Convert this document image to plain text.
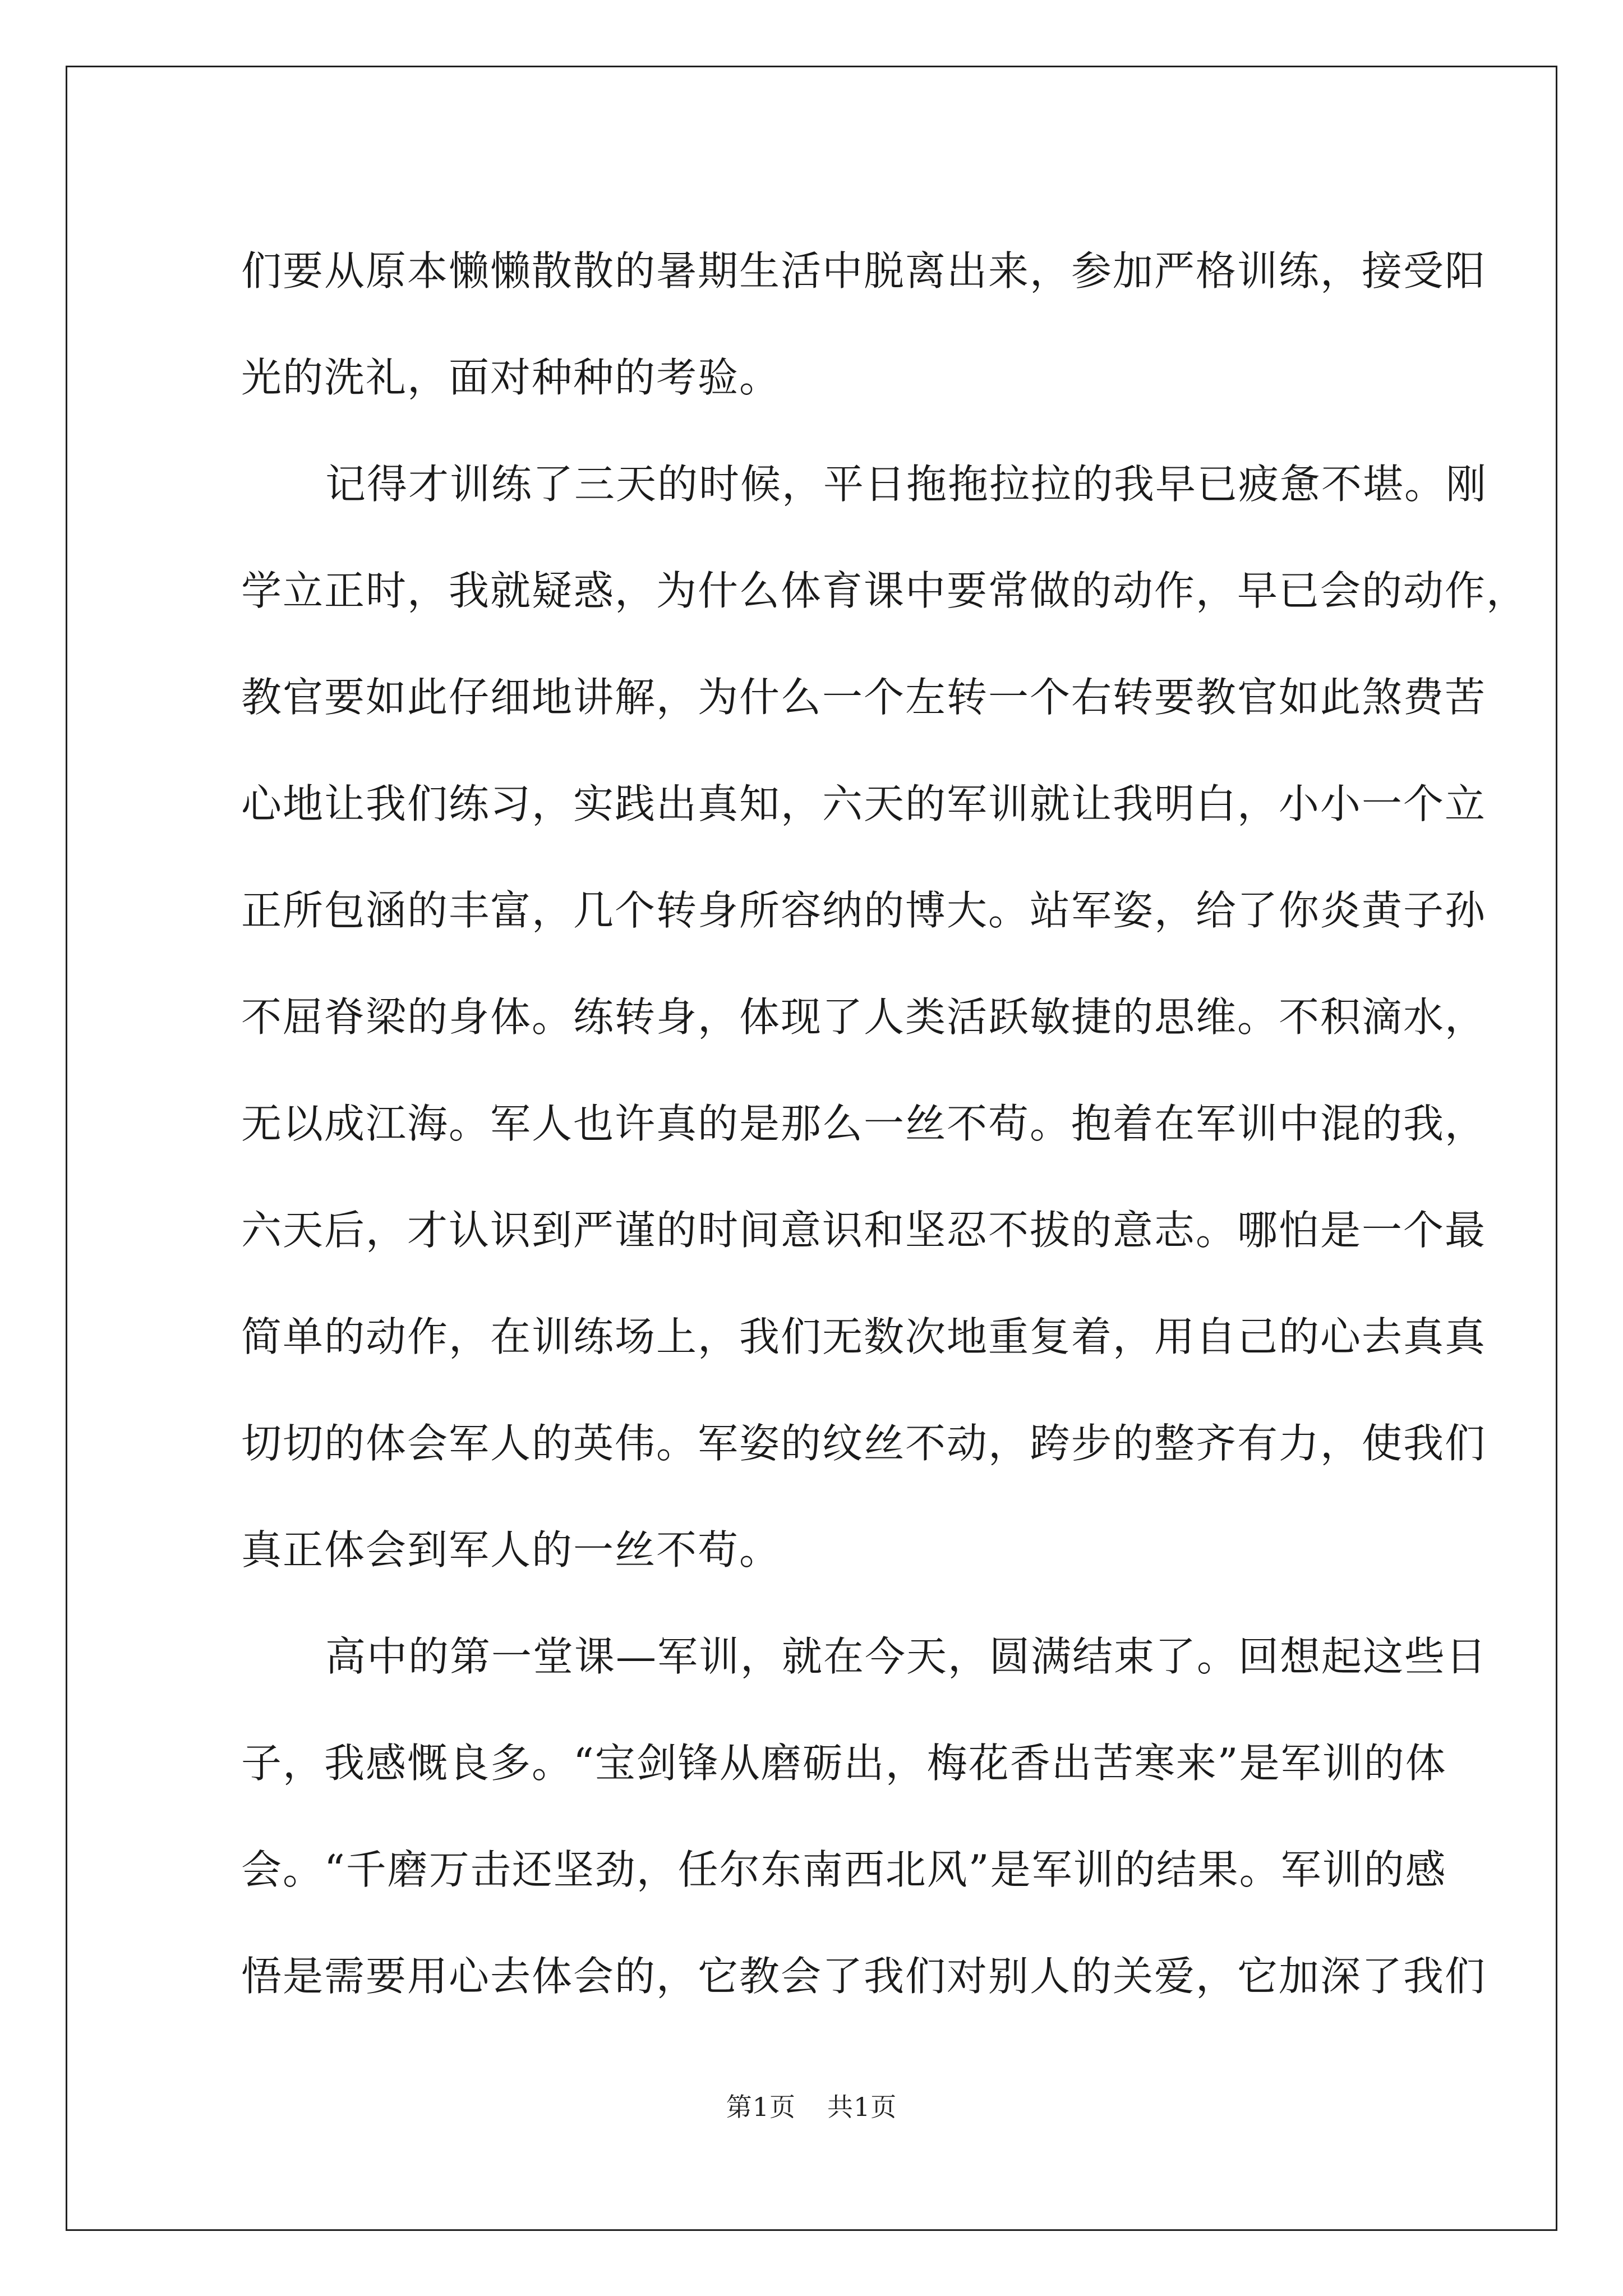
们要从原本懒懒散散的暑期生活中脱离出来，参加严格训练，接受阳
光的洗礼，面对种种的考验。
记得才训练了三天的时候，平日拖拖拉拉的我早已疲惫不堪。刚
学立正时，我就疑惑，为什么体育课中要常做的动作，早已会的动作，
教官要如此仔细地讲解，为什么一个左转一个右转要教官如此煞费苦
心地让我们练习，实践出真知，六天的军训就让我明白，小小一个立
正所包涵的丰富，几个转身所容纳的博大。站军姿，给了你炎黄子孙
不屈脊梁的身体。练转身，体现了人类活跃敏捷的思维。不积滴水，
无以成江海。军人也许真的是那么一丝不苟。抱着在军训中混的我，
六天后，才认识到严谨的时间意识和坚忍不拔的意志。哪怕是一个最
简单的动作，在训练场上，我们无数次地重复着，用自己的心去真真
切切的体会军人的英伟。军姿的纹丝不动，跨步的整齐有力，使我们
真正体会到军人的一丝不苟。
高中的第一堂课—军训，就在今天，圆满结束了。回想起这些日
子，我感慨良多。“宝剑锋从磨砺出，梅花香出苦寒来”是军训的体
会。“千磨万击还坚劲，任尔东南西北风”是军训的结果。军训的感
悟是需要用心去体会的，它教会了我们对别人的关爱，它加深了我们
第1页 共1页
